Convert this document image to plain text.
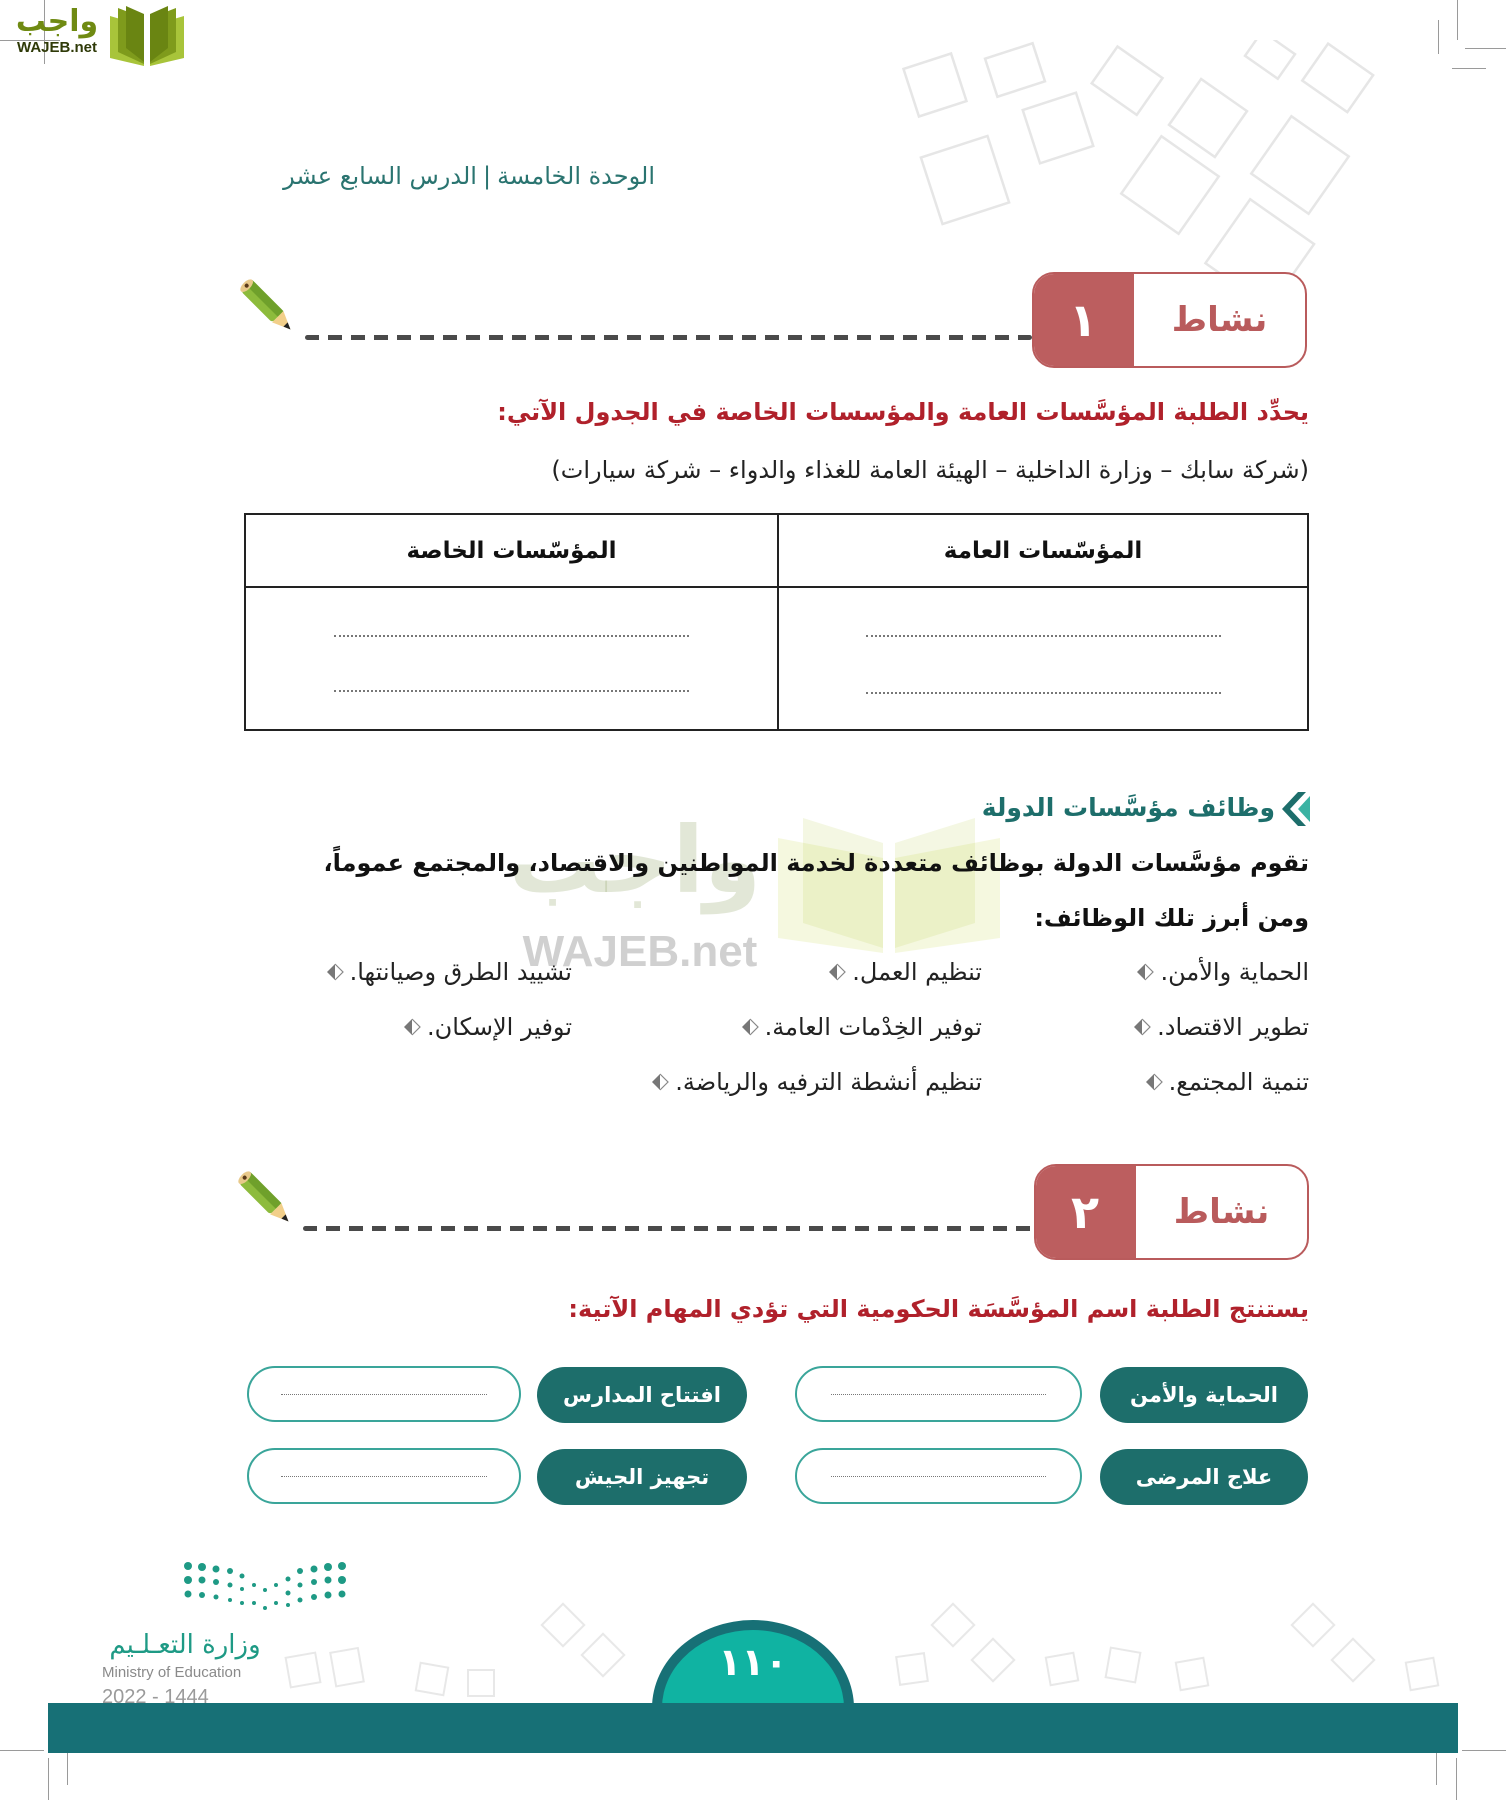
واجب
WAJEB.net
الوحدة الخامسة|الدرس السابع عشر
١	نشاط
يحدِّد الطلبة المؤسَّسات العامة والمؤسسات الخاصة في الجدول الآتي:
(شركة سابك – وزارة الداخلية – الهيئة العامة للغذاء والدواء – شركة سيارات)
المؤسّسات العامة
المؤسّسات الخاصة
واجب
WAJEB.net
وظائف مؤسَّسات الدولة
تقوم مؤسَّسات الدولة بوظائف متعددة لخدمة المواطنين والاقتصاد، والمجتمع عموماً،
ومن أبرز تلك الوظائف:
الحماية والأمن.
تنظيم العمل.
تشييد الطرق وصيانتها.
تطوير الاقتصاد.
توفير الخِدْمات العامة.
توفير الإسكان.
تنمية المجتمع.
تنظيم أنشطة الترفيه والرياضة.
٢	نشاط
يستنتج الطلبة اسم المؤسَّسَة الحكومية التي تؤدي المهام الآتية:
الحماية والأمن
افتتاح المدارس
علاج المرضى
تجهيز الجيش
١١٠
وزارة التعـلـيم
Ministry of Education
2022 - 1444
